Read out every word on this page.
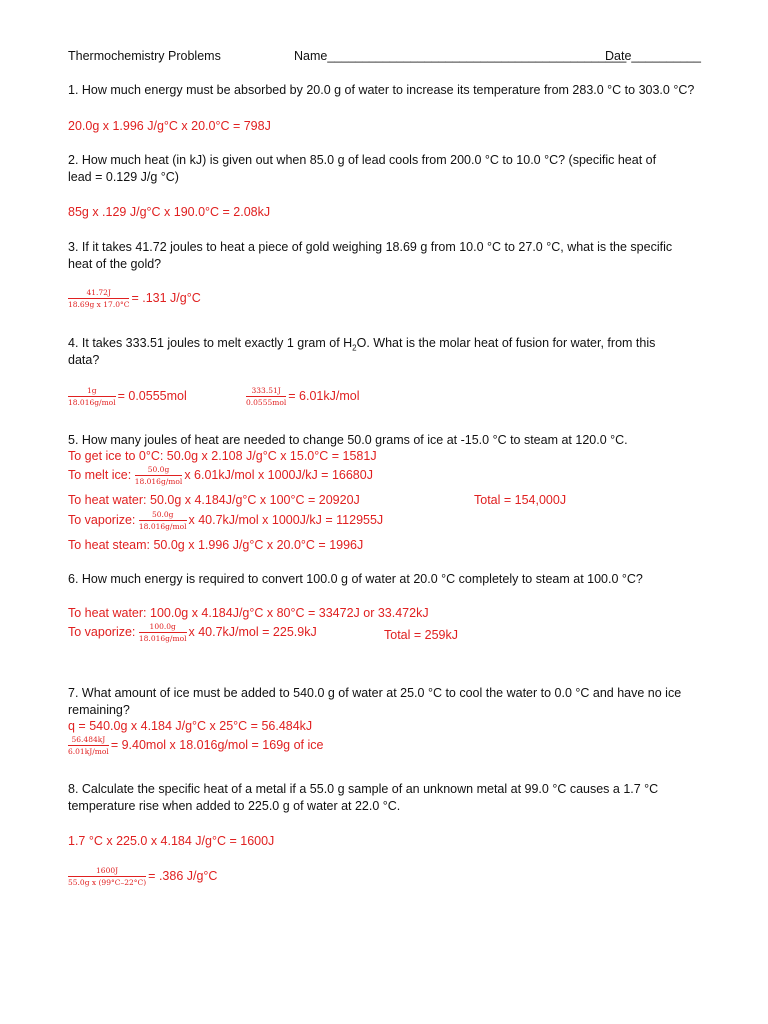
Thermochemistry Problems	Name___________________________________________
Date__________
1. How much energy must be absorbed by 20.0 g of water to increase its temperature from 283.0 °C to 303.0 °C?
20.0g x 1.996 J/g°C x 20.0°C = 798J
2. How much heat (in kJ) is given out when 85.0 g of lead cools from 200.0 °C to 10.0 °C? (specific heat of
lead = 0.129 J/g °C)
85g x .129 J/g°C x 190.0°C = 2.08kJ
3. If it takes 41.72 joules to heat a piece of gold weighing 18.69 g from 10.0 °C to 27.0 °C, what is the specific
heat of the gold?
$\frac{41.72J}{\text{18.69g x 17.0°C}} = .131$ J/g°C
4. It takes 333.51 joules to melt exactly 1 gram of $H_2O$. What is the molar heat of fusion for water, from this
data?
$\frac{1g}{\text{18.016g/mol}} = 0.0555mol$	$\frac{333.51J}{\text{0.0555mol}} = 6.01kJ/mol$
5. How many joules of heat are needed to change 50.0 grams of ice at -15.0 °C to steam at 120.0 °C.
To get ice to 0°C: 50.0g x 2.108 J/g°C x 15.0°C = 1581J
To melt ice: $\frac{50.0g}{\text{18.016g/mol}}$ x 6.01kJ/mol x 1000J/kJ = 16680J
To heat water: 50.0g x 4.184J/g°C x 100°C = 20920J	Total = 154,000J
To vaporize: $\frac{50.0g}{\text{18.016g/mol}}$ x 40.7kJ/mol x 1000J/kJ = 112955J
To heat steam: 50.0g x 1.996 J/g°C x 20.0°C = 1996J
6. How much energy is required to convert 100.0 g of water at 20.0 °C completely to steam at 100.0 °C?
To heat water: 100.0g x 4.184J/g°C x 80°C = 33472J or 33.472kJ
To vaporize: $\frac{100.0g}{\text{18.016g/mol}}$ x 40.7kJ/mol = 225.9kJ	Total = 259kJ
7. What amount of ice must be added to 540.0 g of water at 25.0 °C to cool the water to 0.0 °C and have no ice
remaining?
q = 540.0g x 4.184 J/g°C x 25°C = 56.484kJ
$\frac{56.484kJ}{\text{6.01kJ/mol}} = 9.40mol$ x 18.016g/mol = 169g of ice
8. Calculate the specific heat of a metal if a 55.0 g sample of an unknown metal at 99.0 °C causes a 1.7 °C
temperature rise when added to 225.0 g of water at 22.0 °C.
1.7 °C x 225.0 x 4.184 J/g°C = 1600J
$\frac{1600J}{\text{55.0g x (99°C–22°C)}} = .386$ J/g°C
